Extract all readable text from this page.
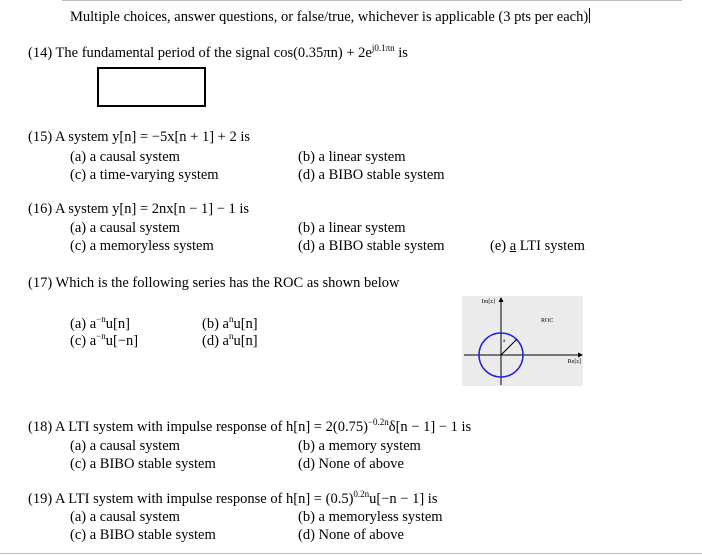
Multiple choices, answer questions, or false/true, whichever is applicable (3 pts per each)
(14) The fundamental period of the signal $\cos(0.35\pi n) + 2e^{j0.1\pi n}$ is
(15) A system y[n] = −5x[n + 1] + 2 is
(a) a causal system	(b) a linear system
(c) a time-varying system	(d) a BIBO stable system
(16) A system y[n] = 2nx[n − 1] − 1 is
(a) a causal system	(b) a linear system
(c) a memoryless system	(d) a BIBO stable system	(e) a LTI system
(17) Which is the following series has the ROC as shown below
(a) $a^{-n}u[n]$	(b) $a^nu[n]$
(c) $a^{-n}u[-n]$	(d) $a^nu[n]$
Im[z]
ROC
Re[z]
a
(18) A LTI system with impulse response of $h[n] = 2(0.75)^{-0.2n}\delta[n - 1] - 1$ is
(a) a causal system	(b) a memory system
(c) a BIBO stable system	(d) None of above
(19) A LTI system with impulse response of $h[n] = (0.5)^{0.2n}u[-n - 1]$ is
(a) a causal system	(b) a memoryless system
(c) a BIBO stable system	(d) None of above
